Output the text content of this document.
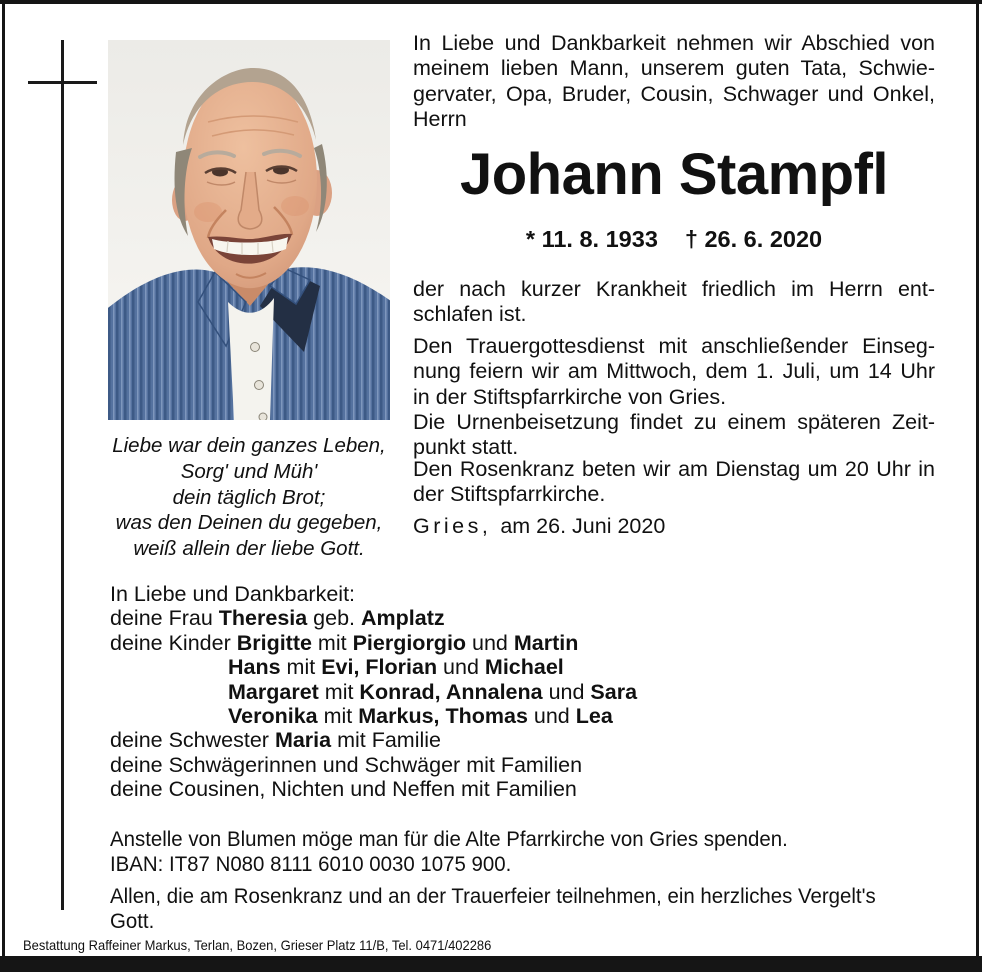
Liebe war dein ganzes Leben,
Sorg' und Müh'
dein täglich Brot;
was den Deinen du gegeben,
weiß allein der liebe Gott.
In Liebe und Dankbarkeit nehmen wir Abschied von
meinem lieben Mann, unserem guten Tata, Schwie-
gervater, Opa, Bruder, Cousin, Schwager und Onkel,
Herrn
Johann Stampfl
* 11. 8. 1933 † 26. 6. 2020
der nach kurzer Krankheit friedlich im Herrn ent-
schlafen ist.
Den Trauergottesdienst mit anschließender Einseg-
nung feiern wir am Mittwoch, dem 1. Juli, um 14 Uhr
in der Stiftspfarrkirche von Gries.
Die Urnenbeisetzung findet zu einem späteren Zeit-
punkt statt.
Den Rosenkranz beten wir am Dienstag um 20 Uhr in
der Stiftspfarrkirche.
Gries, am 26. Juni 2020
In Liebe und Dankbarkeit:
deine Frau Theresia geb. Amplatz
deine Kinder Brigitte mit Piergiorgio und Martin
Hans mit Evi, Florian und Michael
Margaret mit Konrad, Annalena und Sara
Veronika mit Markus, Thomas und Lea
deine Schwester Maria mit Familie
deine Schwägerinnen und Schwäger mit Familien
deine Cousinen, Nichten und Neffen mit Familien
Anstelle von Blumen möge man für die Alte Pfarrkirche von Gries spenden.
IBAN: IT87 N080 8111 6010 0030 1075 900.
Allen, die am Rosenkranz und an der Trauerfeier teilnehmen, ein herzliches Vergelt's
Gott.
Bestattung Raffeiner Markus, Terlan, Bozen, Grieser Platz 11/B, Tel. 0471/402286
